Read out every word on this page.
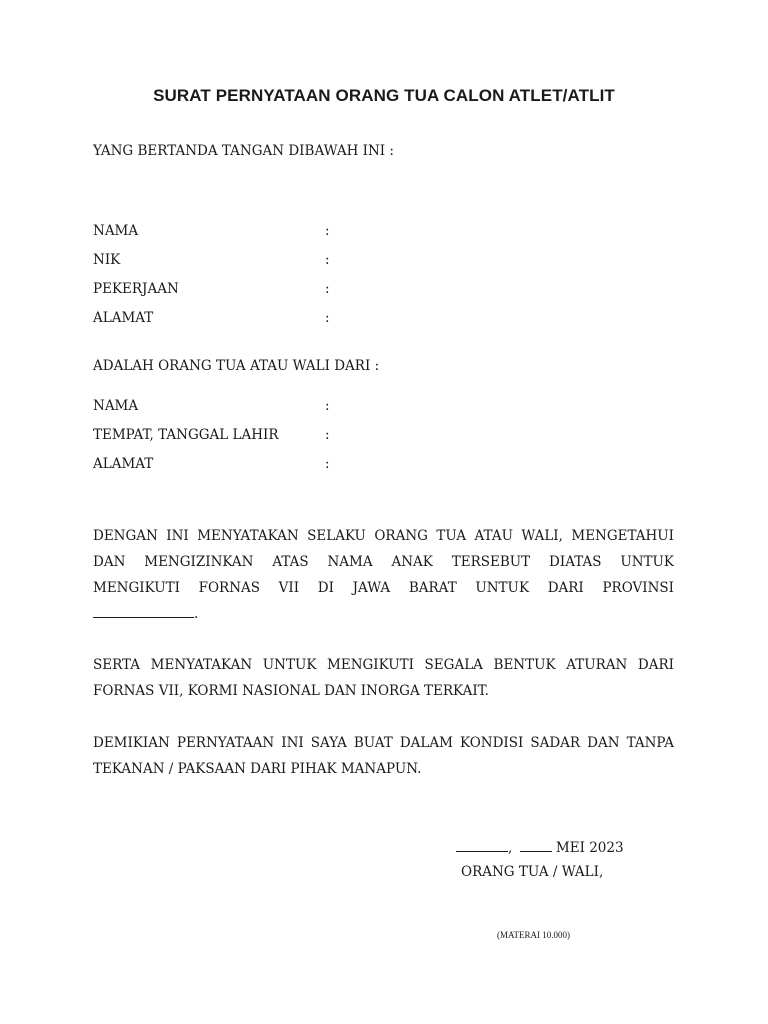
SURAT PERNYATAAN ORANG TUA CALON ATLET/ATLIT
YANG BERTANDA TANGAN DIBAWAH INI :
NAMA	:
NIK	:
PEKERJAAN	:
ALAMAT	:
ADALAH ORANG TUA ATAU WALI DARI :
NAMA	:
TEMPAT, TANGGAL LAHIR	:
ALAMAT	:
DENGAN INI MENYATAKAN SELAKU ORANG TUA ATAU WALI, MENGETAHUI
DAN MENGIZINKAN ATAS NAMA ANAK TERSEBUT DIATAS UNTUK
MENGIKUTI FORNAS VII DI JAWA BARAT UNTUK DARI PROVINSI
.
SERTA MENYATAKAN UNTUK MENGIKUTI SEGALA BENTUK ATURAN DARI
FORNAS VII, KORMI NASIONAL DAN INORGA TERKAIT.
DEMIKIAN PERNYATAAN INI SAYA BUAT DALAM KONDISI SADAR DAN TANPA
TEKANAN / PAKSAAN DARI PIHAK MANAPUN.
,	MEI 2023
ORANG TUA / WALI,
(MATERAI 10.000)
